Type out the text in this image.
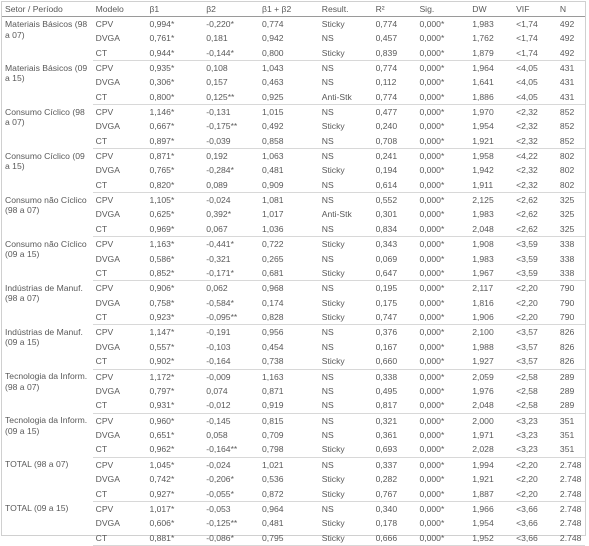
Setor / Período	Modelo	β1	β2	β1 + β2	Result.	R²	Sig.	DW	VIF	N
Materiais Básicos (98 a 07)	CPV	0,994*	-0,220*	0,774	Sticky	0,774	0,000*	1,983	<1,74	492
	DVGA	0,761*	0,181	0,942	NS	0,457	0,000*	1,762	<1,74	492
	CT	0,944*	-0,144*	0,800	Sticky	0,839	0,000*	1,879	<1,74	492
Materiais Básicos (09 a 15)	CPV	0,935*	0,108	1,043	NS	0,774	0,000*	1,964	<4,05	431
	DVGA	0,306*	0,157	0,463	NS	0,112	0,000*	1,641	<4,05	431
	CT	0,800*	0,125**	0,925	Anti-Stk	0,774	0,000*	1,886	<4,05	431
Consumo Cíclico (98 a 07)	CPV	1,146*	-0,131	1,015	NS	0,477	0,000*	1,970	<2,32	852
	DVGA	0,667*	-0,175**	0,492	Sticky	0,240	0,000*	1,954	<2,32	852
	CT	0,897*	-0,039	0,858	NS	0,708	0,000*	1,921	<2,32	852
Consumo Cíclico (09 a 15)	CPV	0,871*	0,192	1,063	NS	0,241	0,000*	1,958	<4,22	802
	DVGA	0,765*	-0,284*	0,481	Sticky	0,194	0,000*	1,942	<2,32	802
	CT	0,820*	0,089	0,909	NS	0,614	0,000*	1,911	<2,32	802
Consumo não Cíclico (98 a 07)	CPV	1,105*	-0,024	1,081	NS	0,552	0,000*	2,125	<2,62	325
	DVGA	0,625*	0,392*	1,017	Anti-Stk	0,301	0,000*	1,983	<2,62	325
	CT	0,969*	0,067	1,036	NS	0,834	0,000*	2,048	<2,62	325
Consumo não Cíclico (09 a 15)	CPV	1,163*	-0,441*	0,722	Sticky	0,343	0,000*	1,908	<3,59	338
	DVGA	0,586*	-0,321	0,265	NS	0,069	0,000*	1,983	<3,59	338
	CT	0,852*	-0,171*	0,681	Sticky	0,647	0,000*	1,967	<3,59	338
Indústrias de Manuf. (98 a 07)	CPV	0,906*	0,062	0,968	NS	0,195	0,000*	2,117	<2,20	790
	DVGA	0,758*	-0,584*	0,174	Sticky	0,175	0,000*	1,816	<2,20	790
	CT	0,923*	-0,095**	0,828	Sticky	0,747	0,000*	1,906	<2,20	790
Indústrias de Manuf. (09 a 15)	CPV	1,147*	-0,191	0,956	NS	0,376	0,000*	2,100	<3,57	826
	DVGA	0,557*	-0,103	0,454	NS	0,167	0,000*	1,988	<3,57	826
	CT	0,902*	-0,164	0,738	Sticky	0,660	0,000*	1,927	<3,57	826
Tecnologia da Inform. (98 a 07)	CPV	1,172*	-0,009	1,163	NS	0,338	0,000*	2,059	<2,58	289
	DVGA	0,797*	0,074	0,871	NS	0,495	0,000*	1,976	<2,58	289
	CT	0,931*	-0,012	0,919	NS	0,817	0,000*	2,048	<2,58	289
Tecnologia da Inform. (09 a 15)	CPV	0,960*	-0,145	0,815	NS	0,321	0,000*	2,000	<3,23	351
	DVGA	0,651*	0,058	0,709	NS	0,361	0,000*	1,971	<3,23	351
	CT	0,962*	-0,164**	0,798	Sticky	0,693	0,000*	2,028	<3,23	351
TOTAL (98 a 07)	CPV	1,045*	-0,024	1,021	NS	0,337	0,000*	1,994	<2,20	2.748
	DVGA	0,742*	-0,206*	0,536	Sticky	0,282	0,000*	1,921	<2,20	2.748
	CT	0,927*	-0,055*	0,872	Sticky	0,767	0,000*	1,887	<2,20	2.748
TOTAL (09 a 15)	CPV	1,017*	-0,053	0,964	NS	0,340	0,000*	1,966	<3,66	2.748
	DVGA	0,606*	-0,125**	0,481	Sticky	0,178	0,000*	1,954	<3,66	2.748
	CT	0,881*	-0,086*	0,795	Sticky	0,666	0,000*	1,952	<3,66	2.748
